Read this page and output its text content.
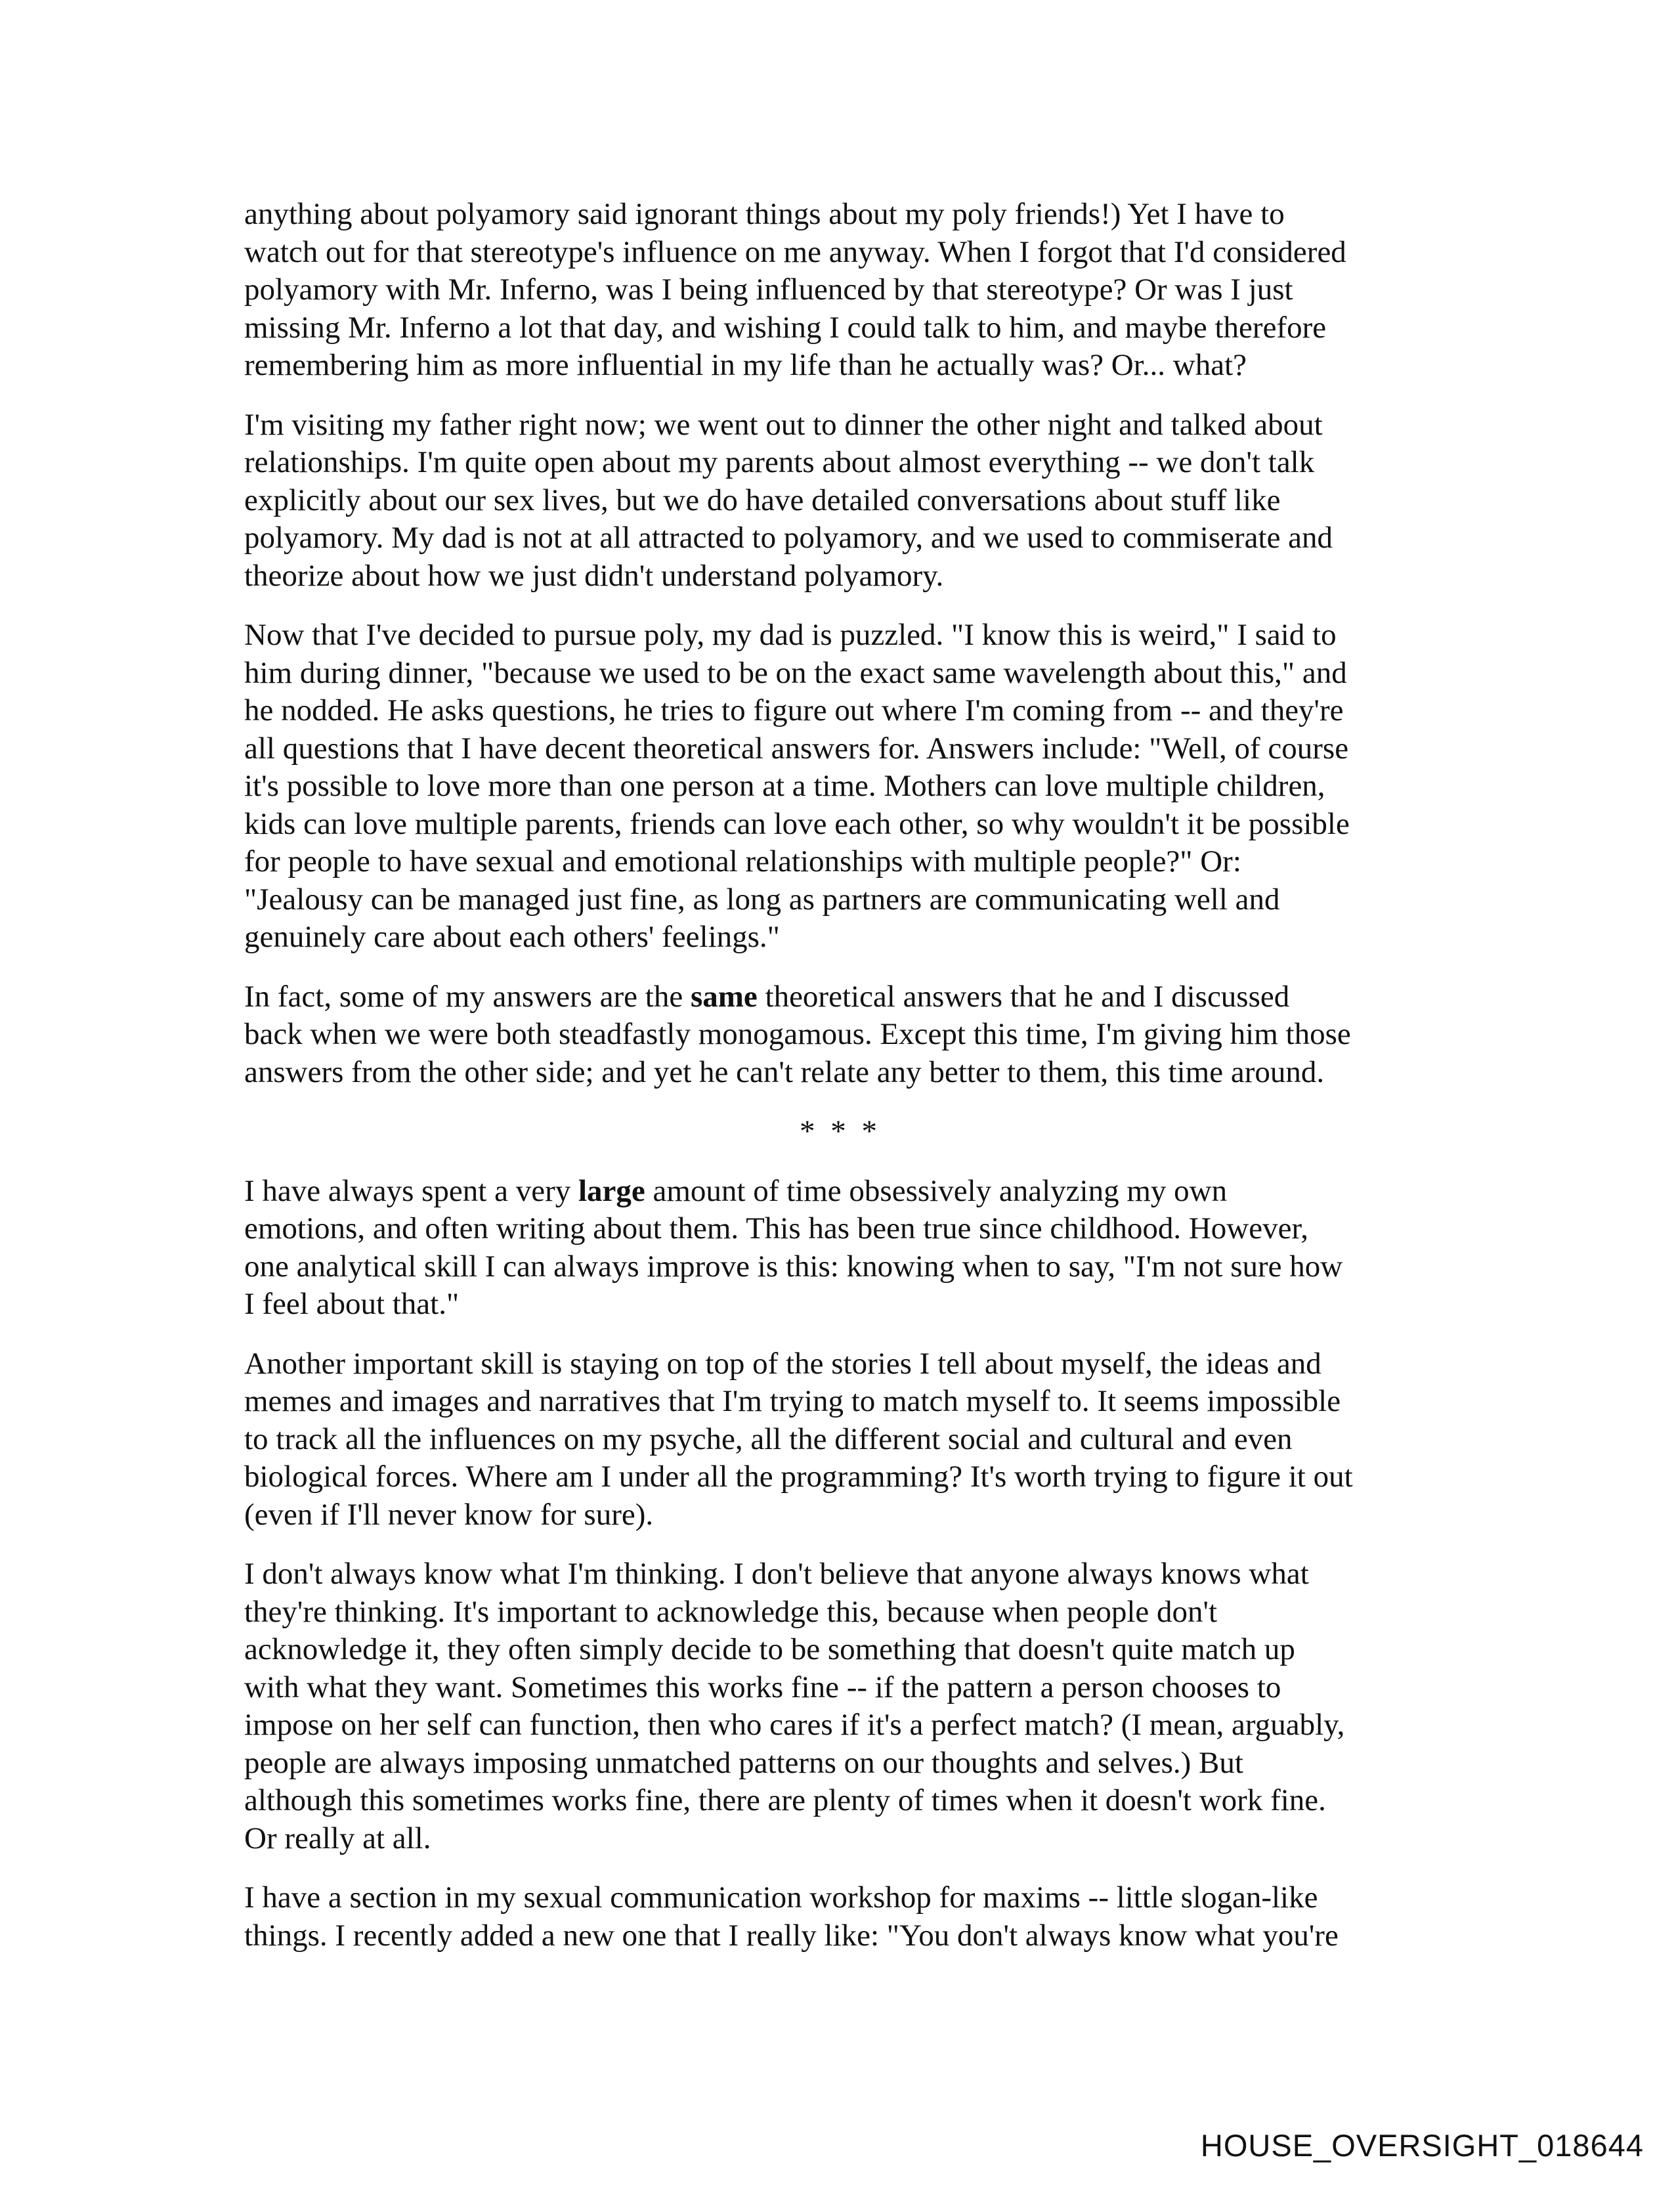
anything about polyamory said ignorant things about my poly friends!) Yet I have to
watch out for that stereotype's influence on me anyway. When I forgot that I'd considered
polyamory with Mr. Inferno, was I being influenced by that stereotype? Or was I just
missing Mr. Inferno a lot that day, and wishing I could talk to him, and maybe therefore
remembering him as more influential in my life than he actually was? Or... what?

I'm visiting my father right now; we went out to dinner the other night and talked about
relationships. I'm quite open about my parents about almost everything -- we don't talk
explicitly about our sex lives, but we do have detailed conversations about stuff like
polyamory. My dad is not at all attracted to polyamory, and we used to commiserate and
theorize about how we just didn't understand polyamory.

Now that I've decided to pursue poly, my dad is puzzled. "I know this is weird," I said to
him during dinner, "because we used to be on the exact same wavelength about this," and
he nodded. He asks questions, he tries to figure out where I'm coming from -- and they're
all questions that I have decent theoretical answers for. Answers include: "Well, of course
it's possible to love more than one person at a time. Mothers can love multiple children,
kids can love multiple parents, friends can love each other, so why wouldn't it be possible
for people to have sexual and emotional relationships with multiple people?" Or:
"Jealousy can be managed just fine, as long as partners are communicating well and
genuinely care about each others' feelings."

In fact, some of my answers are the same theoretical answers that he and I discussed
back when we were both steadfastly monogamous. Except this time, I'm giving him those
answers from the other side; and yet he can't relate any better to them, this time around.

* * *

I have always spent a very large amount of time obsessively analyzing my own
emotions, and often writing about them. This has been true since childhood. However,
one analytical skill I can always improve is this: knowing when to say, "I'm not sure how
I feel about that."

Another important skill is staying on top of the stories I tell about myself, the ideas and
memes and images and narratives that I'm trying to match myself to. It seems impossible
to track all the influences on my psyche, all the different social and cultural and even
biological forces. Where am I under all the programming? It's worth trying to figure it out
(even if I'll never know for sure).

I don't always know what I'm thinking. I don't believe that anyone always knows what
they're thinking. It's important to acknowledge this, because when people don't
acknowledge it, they often simply decide to be something that doesn't quite match up
with what they want. Sometimes this works fine -- if the pattern a person chooses to
impose on her self can function, then who cares if it's a perfect match? (I mean, arguably,
people are always imposing unmatched patterns on our thoughts and selves.) But
although this sometimes works fine, there are plenty of times when it doesn't work fine.
Or really at all.

I have a section in my sexual communication workshop for maxims -- little slogan-like
things. I recently added a new one that I really like: "You don't always know what you're

HOUSE_OVERSIGHT_018644
